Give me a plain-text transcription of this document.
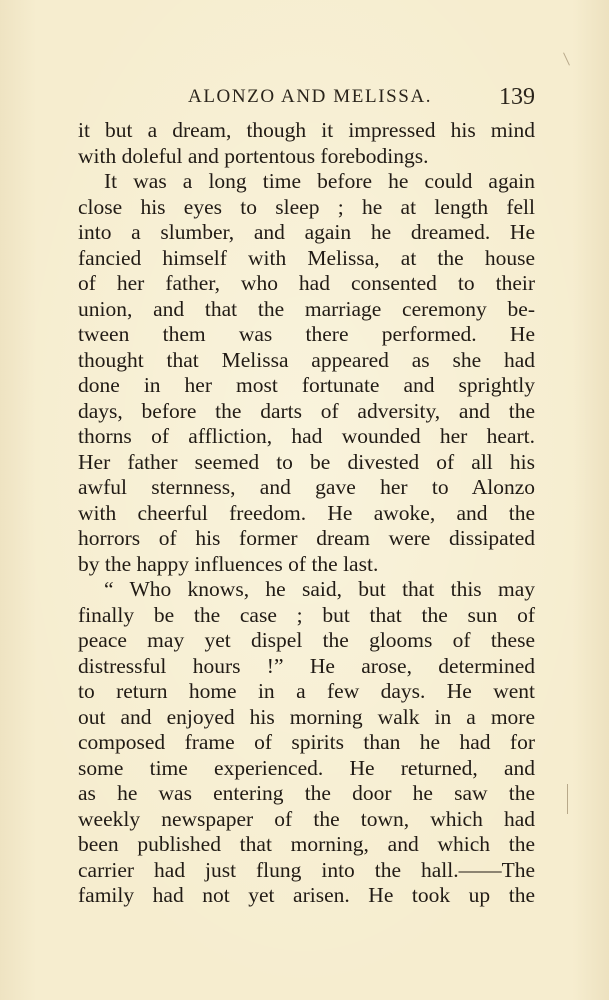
ALONZO AND MELISSA.	139
it but a dream, though it impressed his mind
with doleful and portentous forebodings.
It was a long time before he could again
close his eyes to sleep ; he at length fell
into a slumber, and again he dreamed. He
fancied himself with Melissa, at the house
of her father, who had consented to their
union, and that the marriage ceremony be-
tween them was there performed. He
thought that Melissa appeared as she had
done in her most fortunate and sprightly
days, before the darts of adversity, and the
thorns of affliction, had wounded her heart.
Her father seemed to be divested of all his
awful sternness, and gave her to Alonzo
with cheerful freedom. He awoke, and the
horrors of his former dream were dissipated
by the happy influences of the last.
“ Who knows, he said, but that this may
finally be the case ; but that the sun of
peace may yet dispel the glooms of these
distressful hours !” He arose, determined
to return home in a few days. He went
out and enjoyed his morning walk in a more
composed frame of spirits than he had for
some time experienced. He returned, and
as he was entering the door he saw the
weekly newspaper of the town, which had
been published that morning, and which the
carrier had just flung into the hall.——The
family had not yet arisen. He took up the
